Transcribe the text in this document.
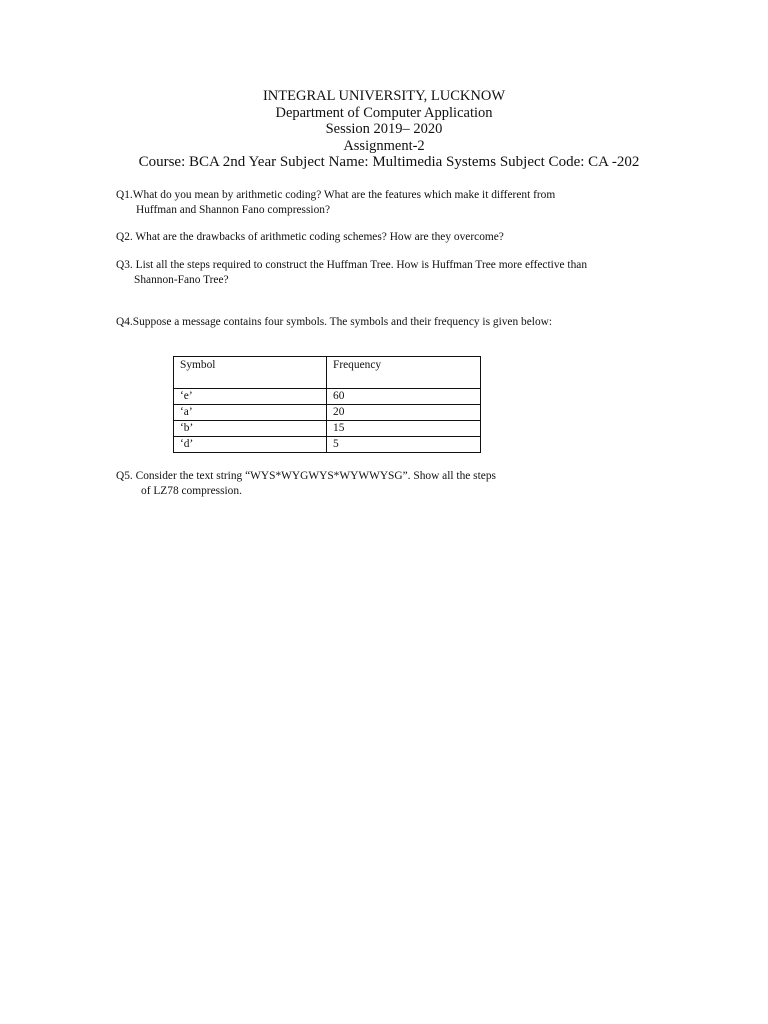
INTEGRAL UNIVERSITY, LUCKNOW
Department of Computer Application
Session 2019– 2020
Assignment-2
Course: BCA 2nd Year Subject Name: Multimedia Systems Subject Code: CA -202
Q1.What do you mean by arithmetic coding? What are the features which make it different from
Huffman and Shannon Fano compression?
Q2. What are the drawbacks of arithmetic coding schemes? How are they overcome?
Q3. List all the steps required to construct the Huffman Tree. How is Huffman Tree more effective than
Shannon-Fano Tree?
Q4.Suppose a message contains four symbols. The symbols and their frequency is given below:
Symbol	Frequency
‘e’	60
‘a’	20
‘b’	15
‘d’	5
Q5. Consider the text string “WYS*WYGWYS*WYWWYSG”. Show all the steps
of LZ78 compression.
